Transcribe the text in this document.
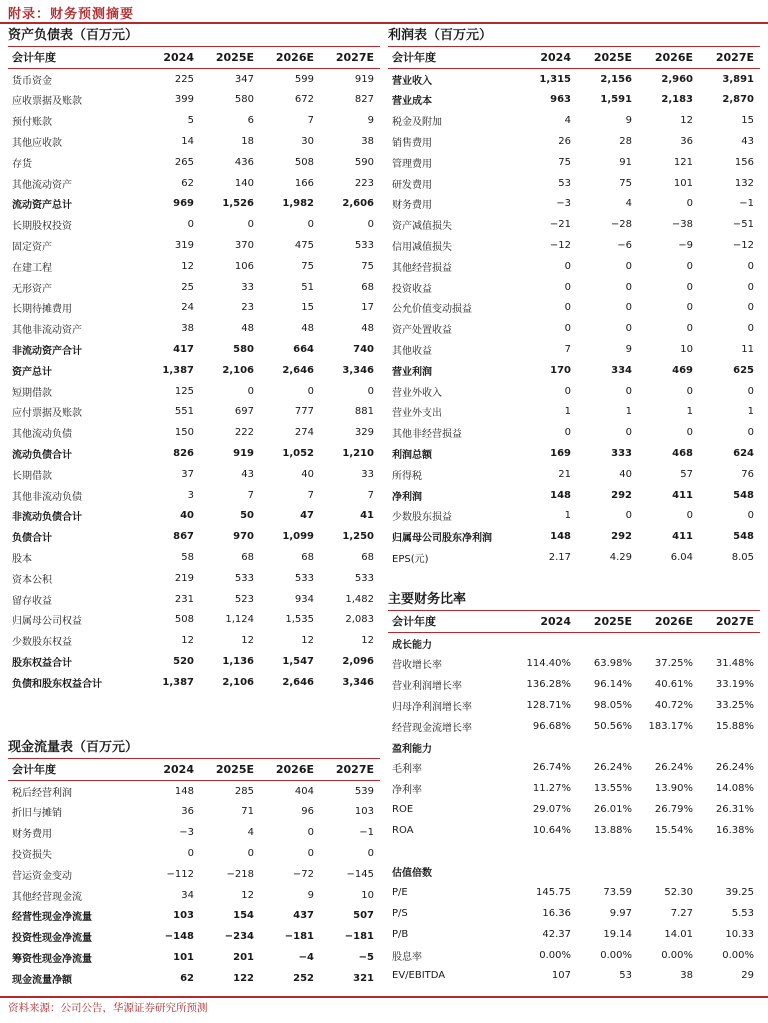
附录：财务预测摘要
资产负债表（百万元）
会计年度	2024	2025E	2026E	2027E
货币资金	225	347	599	919
应收票据及账款	399	580	672	827
预付账款	5	6	7	9
其他应收款	14	18	30	38
存货	265	436	508	590
其他流动资产	62	140	166	223
流动资产总计	969	1,526	1,982	2,606
长期股权投资	0	0	0	0
固定资产	319	370	475	533
在建工程	12	106	75	75
无形资产	25	33	51	68
长期待摊费用	24	23	15	17
其他非流动资产	38	48	48	48
非流动资产合计	417	580	664	740
资产总计	1,387	2,106	2,646	3,346
短期借款	125	0	0	0
应付票据及账款	551	697	777	881
其他流动负债	150	222	274	329
流动负债合计	826	919	1,052	1,210
长期借款	37	43	40	33
其他非流动负债	3	7	7	7
非流动负债合计	40	50	47	41
负债合计	867	970	1,099	1,250
股本	58	68	68	68
资本公积	219	533	533	533
留存收益	231	523	934	1,482
归属母公司权益	508	1,124	1,535	2,083
少数股东权益	12	12	12	12
股东权益合计	520	1,136	1,547	2,096
负债和股东权益合计	1,387	2,106	2,646	3,346
利润表（百万元）
会计年度	2024	2025E	2026E	2027E
营业收入	1,315	2,156	2,960	3,891
营业成本	963	1,591	2,183	2,870
税金及附加	4	9	12	15
销售费用	26	28	36	43
管理费用	75	91	121	156
研发费用	53	75	101	132
财务费用	−3	4	0	−1
资产减值损失	−21	−28	−38	−51
信用减值损失	−12	−6	−9	−12
其他经营损益	0	0	0	0
投资收益	0	0	0	0
公允价值变动损益	0	0	0	0
资产处置收益	0	0	0	0
其他收益	7	9	10	11
营业利润	170	334	469	625
营业外收入	0	0	0	0
营业外支出	1	1	1	1
其他非经营损益	0	0	0	0
利润总额	169	333	468	624
所得税	21	40	57	76
净利润	148	292	411	548
少数股东损益	1	0	0	0
归属母公司股东净利润	148	292	411	548
EPS(元)	2.17	4.29	6.04	8.05
主要财务比率
会计年度	2024	2025E	2026E	2027E
成长能力				
营收增长率	114.40%	63.98%	37.25%	31.48%
营业利润增长率	136.28%	96.14%	40.61%	33.19%
归母净利润增长率	128.71%	98.05%	40.72%	33.25%
经营现金流增长率	96.68%	50.56%	183.17%	15.88%
盈利能力				
毛利率	26.74%	26.24%	26.24%	26.24%
净利率	11.27%	13.55%	13.90%	14.08%
ROE	29.07%	26.01%	26.79%	26.31%
ROA	10.64%	13.88%	15.54%	16.38%

估值倍数				
P/E	145.75	73.59	52.30	39.25
P/S	16.36	9.97	7.27	5.53
P/B	42.37	19.14	14.01	10.33
股息率	0.00%	0.00%	0.00%	0.00%
EV/EBITDA	107	53	38	29
现金流量表（百万元）
会计年度	2024	2025E	2026E	2027E
税后经营利润	148	285	404	539
折旧与摊销	36	71	96	103
财务费用	−3	4	0	−1
投资损失	0	0	0	0
营运资金变动	−112	−218	−72	−145
其他经营现金流	34	12	9	10
经营性现金净流量	103	154	437	507
投资性现金净流量	−148	−234	−181	−181
筹资性现金净流量	101	201	−4	−5
现金流量净额	62	122	252	321
资料来源：公司公告，华源证券研究所预测
